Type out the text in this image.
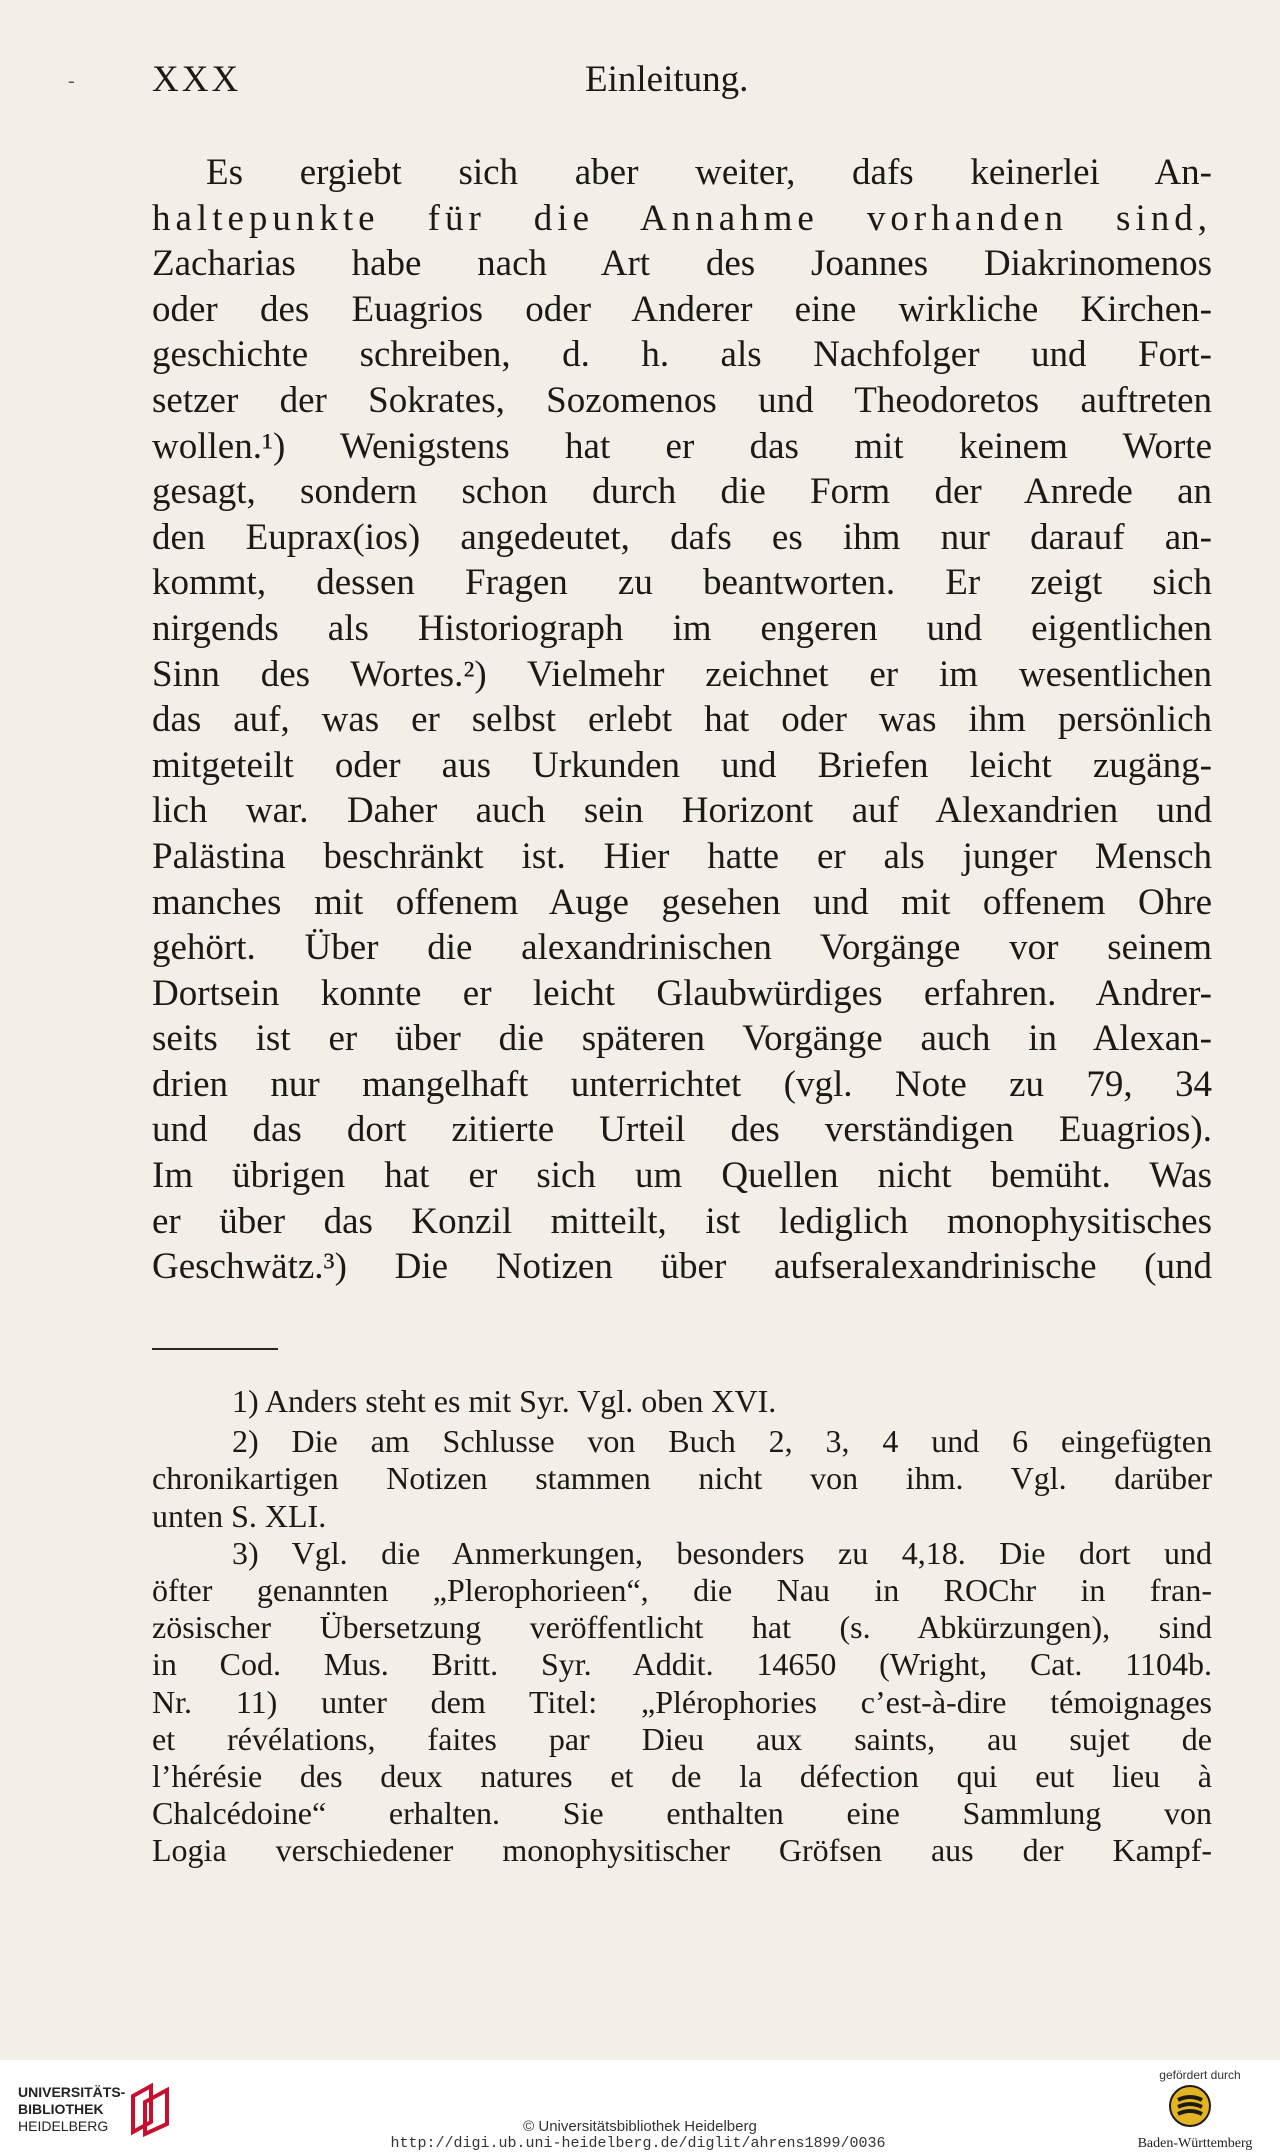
- XXX	Einleitung.
Es ergiebt sich aber weiter, dafs keinerlei An-
haltepunkte für die Annahme vorhanden sind,
Zacharias habe nach Art des Joannes Diakrinomenos
oder des Euagrios oder Anderer eine wirkliche Kirchen-
geschichte schreiben, d. h. als Nachfolger und Fort-
setzer der Sokrates, Sozomenos und Theodoretos auftreten
wollen.¹) Wenigstens hat er das mit keinem Worte
gesagt, sondern schon durch die Form der Anrede an
den Euprax(ios) angedeutet, dafs es ihm nur darauf an-
kommt, dessen Fragen zu beantworten. Er zeigt sich
nirgends als Historiograph im engeren und eigentlichen
Sinn des Wortes.²) Vielmehr zeichnet er im wesentlichen
das auf, was er selbst erlebt hat oder was ihm persönlich
mitgeteilt oder aus Urkunden und Briefen leicht zugäng-
lich war. Daher auch sein Horizont auf Alexandrien und
Palästina beschränkt ist. Hier hatte er als junger Mensch
manches mit offenem Auge gesehen und mit offenem Ohre
gehört. Über die alexandrinischen Vorgänge vor seinem
Dortsein konnte er leicht Glaubwürdiges erfahren. Andrer-
seits ist er über die späteren Vorgänge auch in Alexan-
drien nur mangelhaft unterrichtet (vgl. Note zu 79, 34
und das dort zitierte Urteil des verständigen Euagrios).
Im übrigen hat er sich um Quellen nicht bemüht. Was
er über das Konzil mitteilt, ist lediglich monophysitisches
Geschwätz.³) Die Notizen über aufseralexandrinische (und
1) Anders steht es mit Syr. Vgl. oben XVI.
2) Die am Schlusse von Buch 2, 3, 4 und 6 eingefügten
chronikartigen Notizen stammen nicht von ihm. Vgl. darüber
unten S. XLI.
3) Vgl. die Anmerkungen, besonders zu 4,18. Die dort und
öfter genannten „Plerophorieen“, die Nau in ROChr in fran-
zösischer Übersetzung veröffentlicht hat (s. Abkürzungen), sind
in Cod. Mus. Britt. Syr. Addit. 14650 (Wright, Cat. 1104b.
Nr. 11) unter dem Titel: „Plérophories c’est-à-dire témoignages
et révélations, faites par Dieu aux saints, au sujet de
l’hérésie des deux natures et de la défection qui eut lieu à
Chalcédoine“ erhalten. Sie enthalten eine Sammlung von
Logia verschiedener monophysitischer Gröfsen aus der Kampf-
UNIVERSITÄTS-
BIBLIOTHEK
HEIDELBERG	© Universitätsbibliothek Heidelberg
http://digi.ub.uni-heidelberg.de/diglit/ahrens1899/0036
gefördert durch
Baden-Württemberg
